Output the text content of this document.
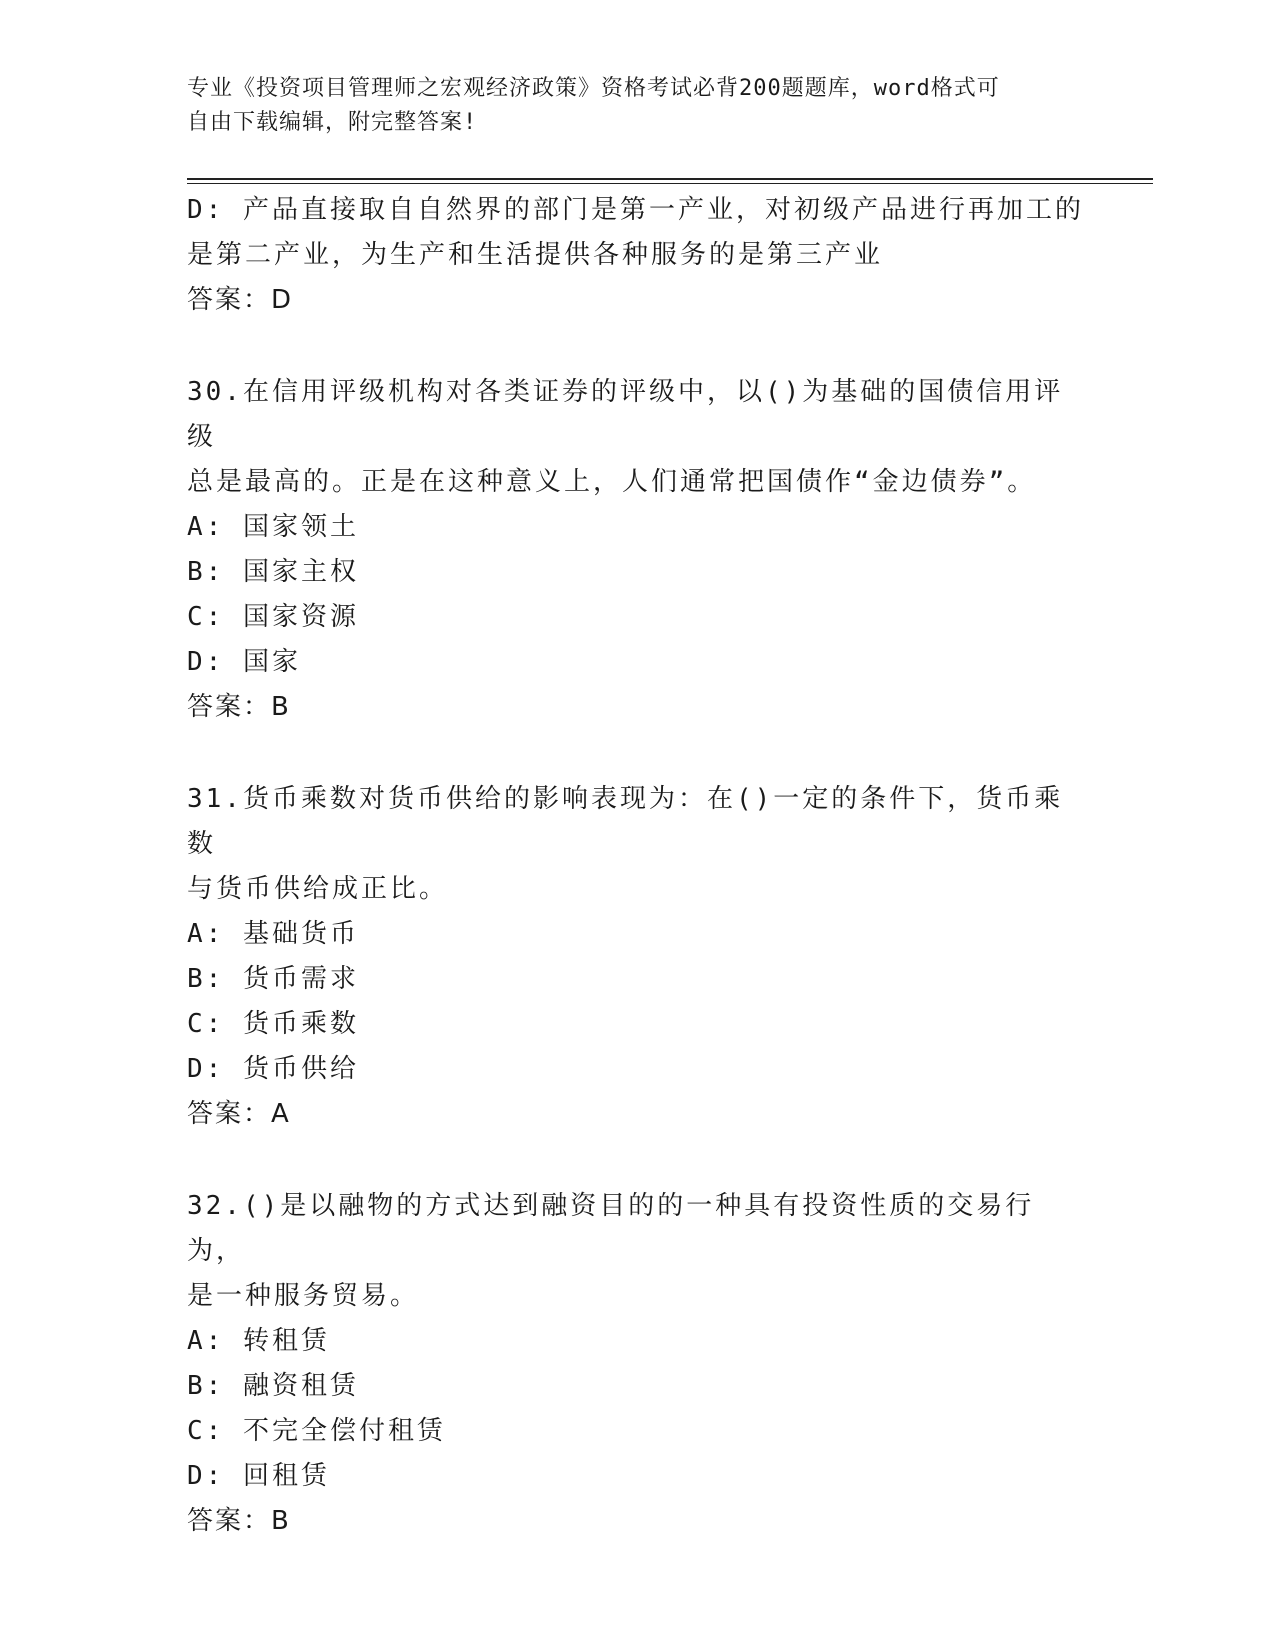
专业《投资项目管理师之宏观经济政策》资格考试必背200题题库，word格式可
自由下载编辑，附完整答案!

D: 产品直接取自自然界的部门是第一产业，对初级产品进行再加工的

是第二产业，为生产和生活提供各种服务的是第三产业

答案：D

30.在信用评级机构对各类证券的评级中，以()为基础的国债信用评级

总是最高的。正是在这种意义上，人们通常把国债作“金边债券”。

A: 国家领土

B: 国家主权

C: 国家资源

D: 国家

答案：B

31.货币乘数对货币供给的影响表现为：在()一定的条件下，货币乘数

与货币供给成正比。

A: 基础货币

B: 货币需求

C: 货币乘数

D: 货币供给

答案：A

32.()是以融物的方式达到融资目的的一种具有投资性质的交易行为，

是一种服务贸易。

A: 转租赁

B: 融资租赁

C: 不完全偿付租赁

D: 回租赁

答案：B
